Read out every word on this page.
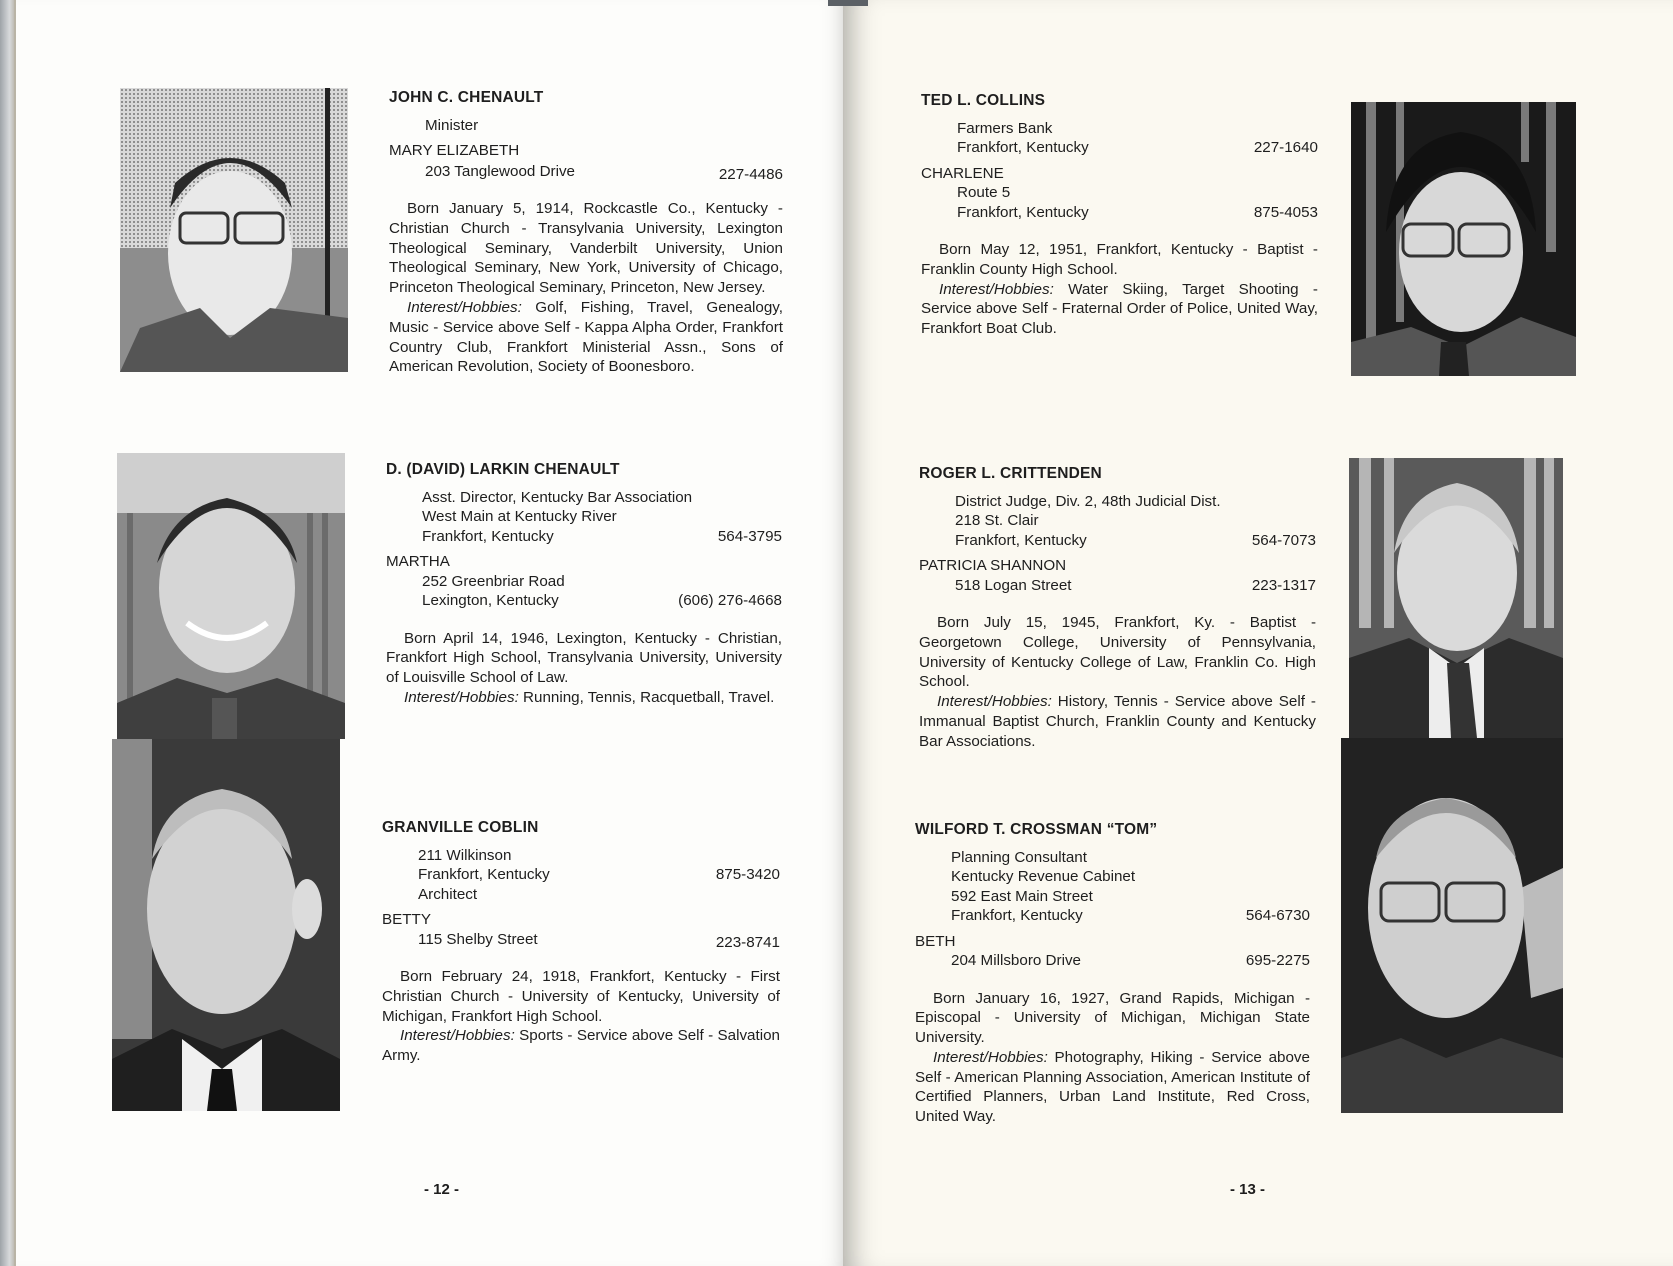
JOHN C. CHENAULT
Minister
MARY ELIZABETH
203 Tanglewood Drive	227-4486

Born January 5, 1914, Rockcastle Co., Kentucky - Christian Church - Transylvania University, Lexington Theological Seminary, Vanderbilt University, Union Theological Seminary, New York, University of Chicago, Princeton Theological Seminary, Princeton, New Jersey.

Interest/Hobbies: Golf, Fishing, Travel, Genealogy, Music - Service above Self - Kappa Alpha Order, Frankfort Country Club, Frankfort Ministerial Assn., Sons of American Revolution, Society of Boonesboro.

D. (DAVID) LARKIN CHENAULT
Asst. Director, Kentucky Bar Association
West Main at Kentucky River
Frankfort, Kentucky	564-3795
MARTHA
252 Greenbriar Road
Lexington, Kentucky	(606) 276-4668

Born April 14, 1946, Lexington, Kentucky - Christian, Frankfort High School, Transylvania University, University of Louisville School of Law.

Interest/Hobbies: Running, Tennis, Racquetball, Travel.

GRANVILLE COBLIN
211 Wilkinson
Frankfort, Kentucky	875-3420
Architect
BETTY
115 Shelby Street	223-8741

Born February 24, 1918, Frankfort, Kentucky - First Christian Church - University of Kentucky, University of Michigan, Frankfort High School.

Interest/Hobbies: Sports - Service above Self - Salvation Army.

- 12 -
TED L. COLLINS
Farmers Bank
Frankfort, Kentucky	227-1640
CHARLENE
Route 5
Frankfort, Kentucky	875-4053

Born May 12, 1951, Frankfort, Kentucky - Baptist - Franklin County High School.

Interest/Hobbies: Water Skiing, Target Shooting - Service above Self - Fraternal Order of Police, United Way, Frankfort Boat Club.

ROGER L. CRITTENDEN
District Judge, Div. 2, 48th Judicial Dist.
218 St. Clair
Frankfort, Kentucky	564-7073
PATRICIA SHANNON
518 Logan Street	223-1317

Born July 15, 1945, Frankfort, Ky. - Baptist - Georgetown College, University of Pennsylvania, University of Kentucky College of Law, Franklin Co. High School.

Interest/Hobbies: History, Tennis - Service above Self - Immanual Baptist Church, Franklin County and Kentucky Bar Associations.

WILFORD T. CROSSMAN “TOM”
Planning Consultant
Kentucky Revenue Cabinet
592 East Main Street
Frankfort, Kentucky	564-6730
BETH
204 Millsboro Drive	695-2275

Born January 16, 1927, Grand Rapids, Michigan - Episcopal - University of Michigan, Michigan State University.

Interest/Hobbies: Photography, Hiking - Service above Self - American Planning Association, American Institute of Certified Planners, Urban Land Institute, Red Cross, United Way.

- 13 -
